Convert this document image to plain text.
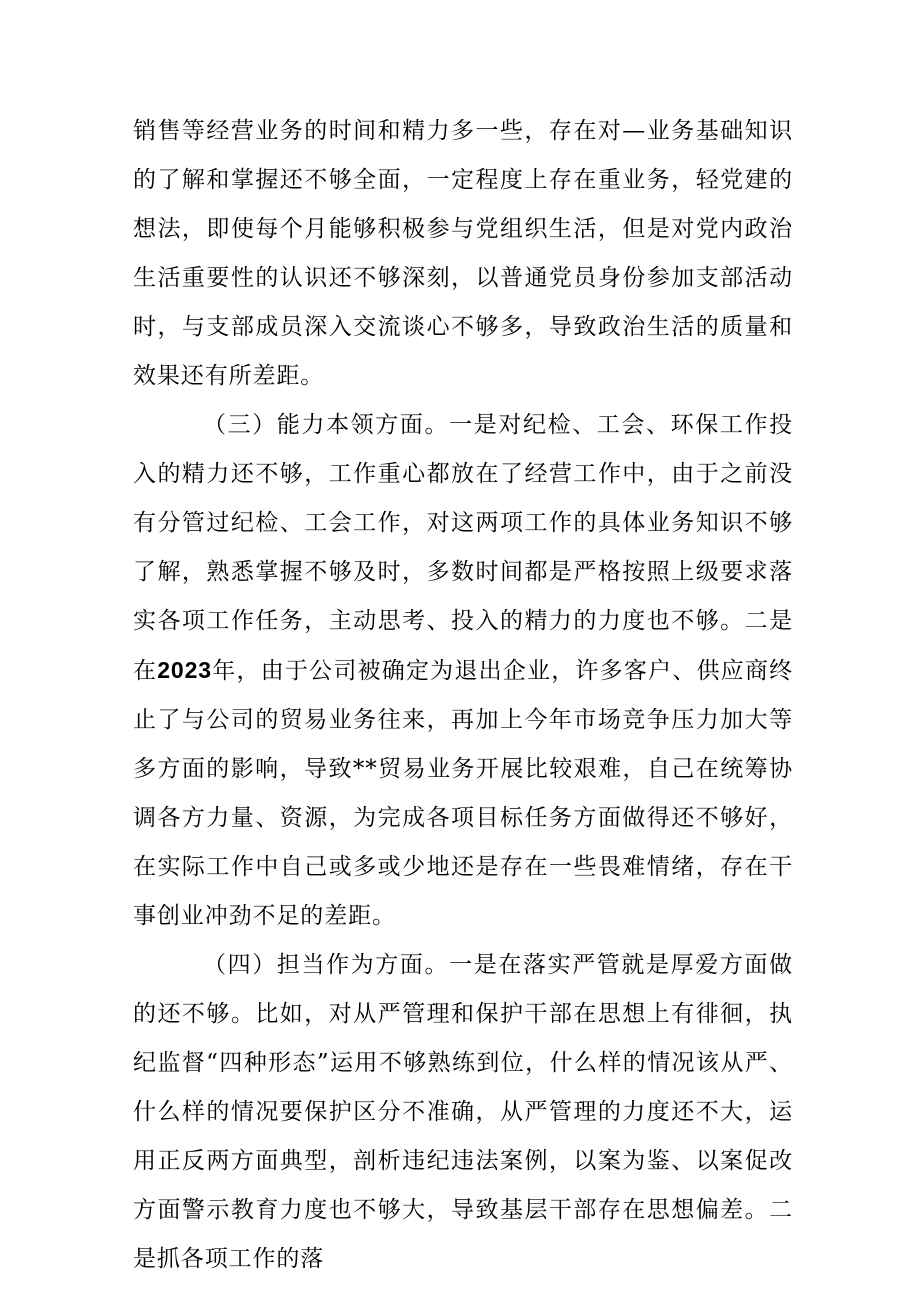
销售等经营业务的时间和精力多一些，存在对—业务基础知识的了解和掌握还不够全面，一定程度上存在重业务，轻党建的想法，即使每个月能够积极参与党组织生活，但是对党内政治生活重要性的认识还不够深刻，以普通党员身份参加支部活动时，与支部成员深入交流谈心不够多，导致政治生活的质量和效果还有所差距。

（三）能力本领方面。一是对纪检、工会、环保工作投入的精力还不够，工作重心都放在了经营工作中，由于之前没有分管过纪检、工会工作，对这两项工作的具体业务知识不够了解，熟悉掌握不够及时，多数时间都是严格按照上级要求落实各项工作任务，主动思考、投入的精力的力度也不够。二是在2023年，由于公司被确定为退出企业，许多客户、供应商终止了与公司的贸易业务往来，再加上今年市场竞争压力加大等多方面的影响，导致**贸易业务开展比较艰难，自己在统筹协调各方力量、资源，为完成各项目标任务方面做得还不够好，在实际工作中自己或多或少地还是存在一些畏难情绪，存在干事创业冲劲不足的差距。

（四）担当作为方面。一是在落实严管就是厚爱方面做的还不够。比如，对从严管理和保护干部在思想上有徘徊，执纪监督“四种形态”运用不够熟练到位，什么样的情况该从严、什么样的情况要保护区分不准确，从严管理的力度还不大，运用正反两方面典型，剖析违纪违法案例，以案为鉴、以案促改方面警示教育力度也不够大，导致基层干部存在思想偏差。二是抓各项工作的落
